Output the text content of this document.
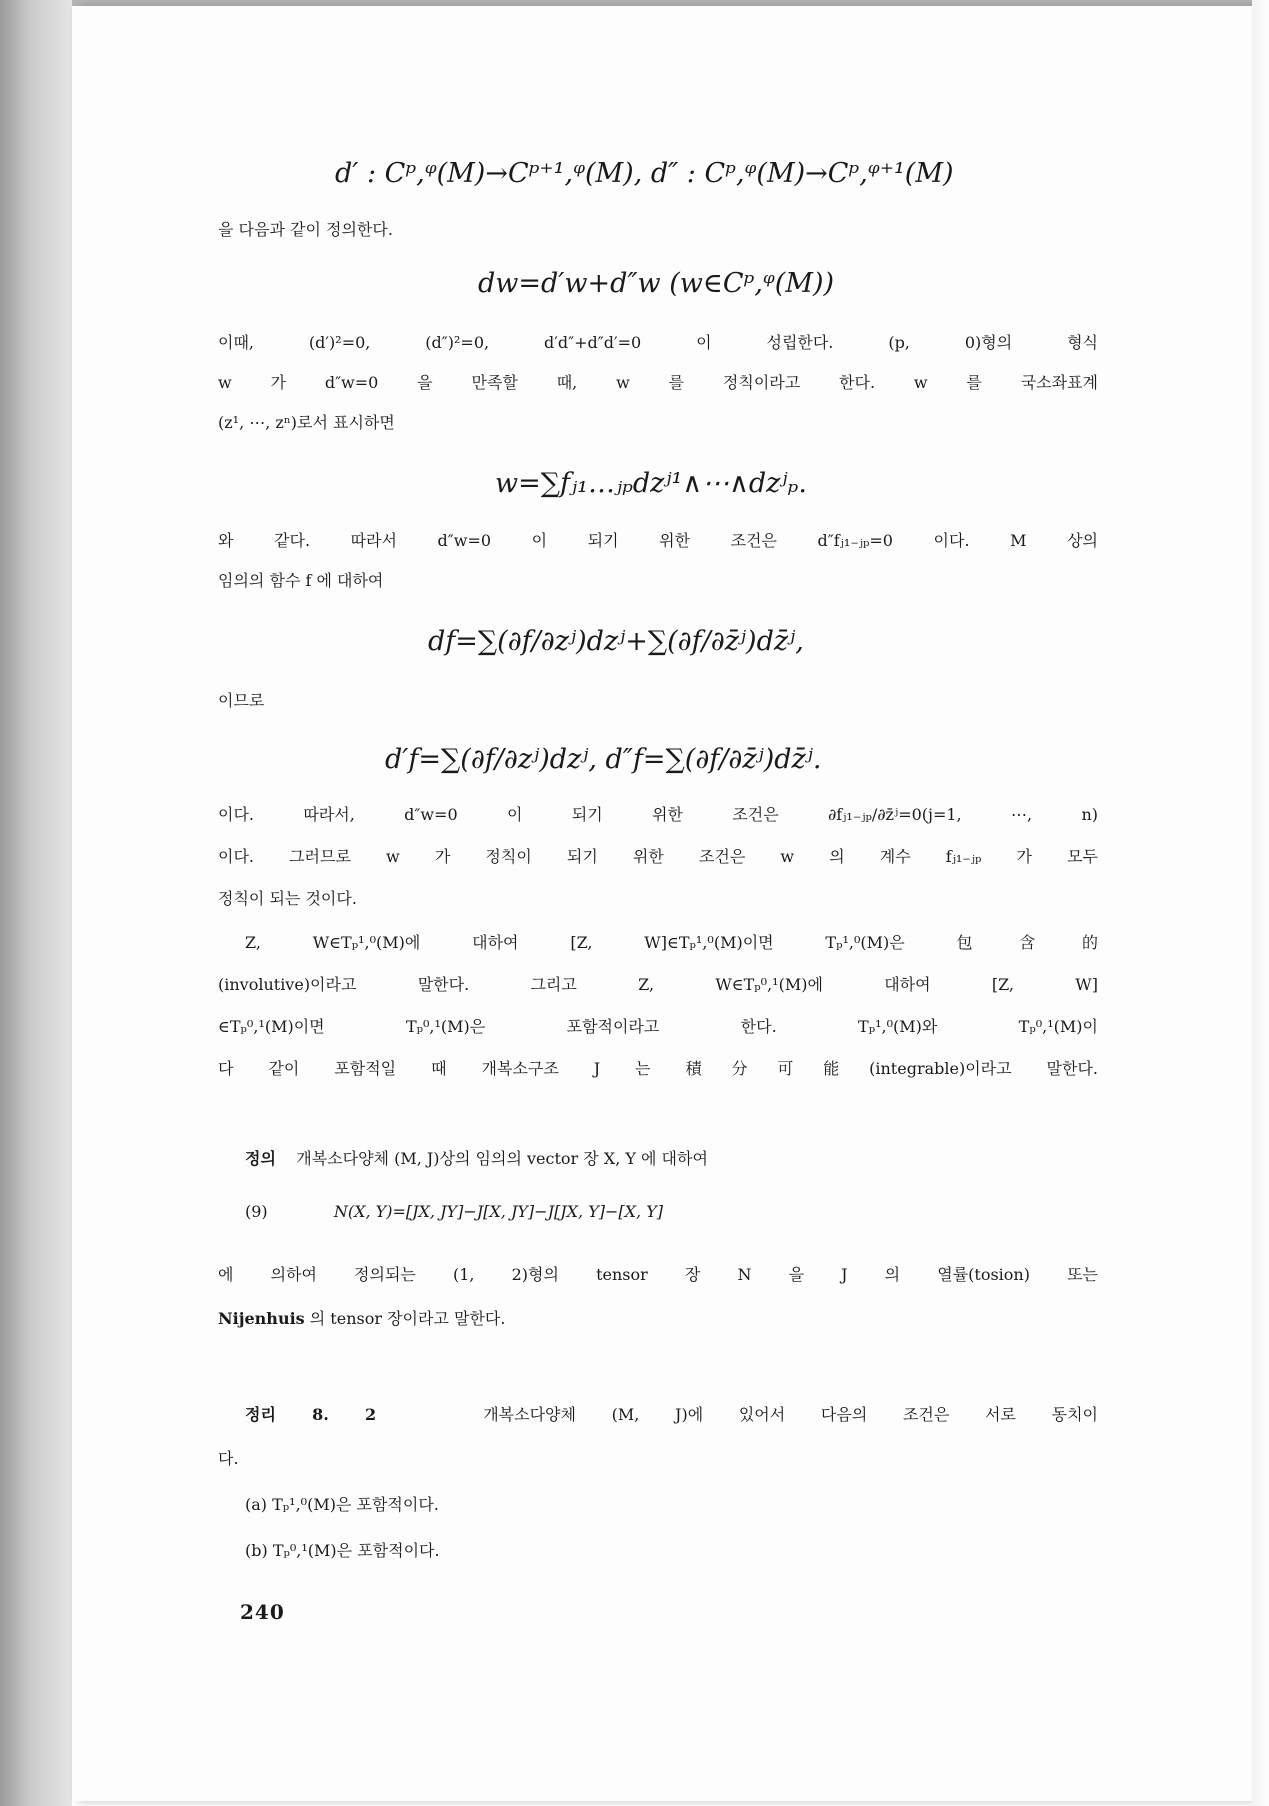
d′ : Cᵖ,ᵠ(M)→Cᵖ⁺¹,ᵠ(M), d″ : Cᵖ,ᵠ(M)→Cᵖ,ᵠ⁺¹(M)
을 다음과 같이 정의한다.
dw=d′w+d″w (w∈Cᵖ,ᵠ(M))
이때, (d′)²=0, (d″)²=0, d′d″+d″d′=0 이 성립한다. (p, 0)형의 형식
w 가 d″w=0 을 만족할 때, w 를 정칙이라고 한다. w 를 국소좌표계
(z¹, ⋯, zⁿ)로서 표시하면
w=∑fⱼ₁…ⱼₚdzʲ¹∧⋯∧dzʲₚ.
와 같다. 따라서 d″w=0 이 되기 위한 조건은 d″fⱼ₁₋ⱼₚ=0 이다. M 상의
임의의 함수 f 에 대하여
df=∑(∂f/∂zʲ)dzʲ+∑(∂f/∂z̄ʲ)dz̄ʲ,
이므로
d′f=∑(∂f/∂zʲ)dzʲ, d″f=∑(∂f/∂z̄ʲ)dz̄ʲ.
이다. 따라서, d″w=0 이 되기 위한 조건은 ∂fⱼ₁₋ⱼₚ/∂z̄ʲ=0(j=1, ⋯, n)
이다. 그러므로 w 가 정칙이 되기 위한 조건은 w 의 계수 fⱼ₁₋ⱼₚ 가 모두
정칙이 되는 것이다.
Z, W∈Tₚ¹,⁰(M)에 대하여 [Z, W]∈Tₚ¹,⁰(M)이면 Tₚ¹,⁰(M)은 包含的
(involutive)이라고 말한다. 그리고 Z, W∈Tₚ⁰,¹(M)에 대하여 [Z, W]
∈Tₚ⁰,¹(M)이면 Tₚ⁰,¹(M)은 포함적이라고 한다. Tₚ¹,⁰(M)와 Tₚ⁰,¹(M)이
다 같이 포함적일 때 개복소구조 J 는 積分可能(integrable)이라고 말한다.
정의 개복소다양체 (M, J)상의 임의의 vector 장 X, Y 에 대하여
(9)	N(X, Y)=[JX, JY]−J[X, JY]−J[JX, Y]−[X, Y]
에 의하여 정의되는 (1, 2)형의 tensor 장 N 을 J 의 열률(tosion) 또는
Nijenhuis 의 tensor 장이라고 말한다.
정리 8. 2	개복소다양체 (M, J)에 있어서 다음의 조건은 서로 동치이
다.
(a) Tₚ¹,⁰(M)은 포함적이다.
(b) Tₚ⁰,¹(M)은 포함적이다.
240
